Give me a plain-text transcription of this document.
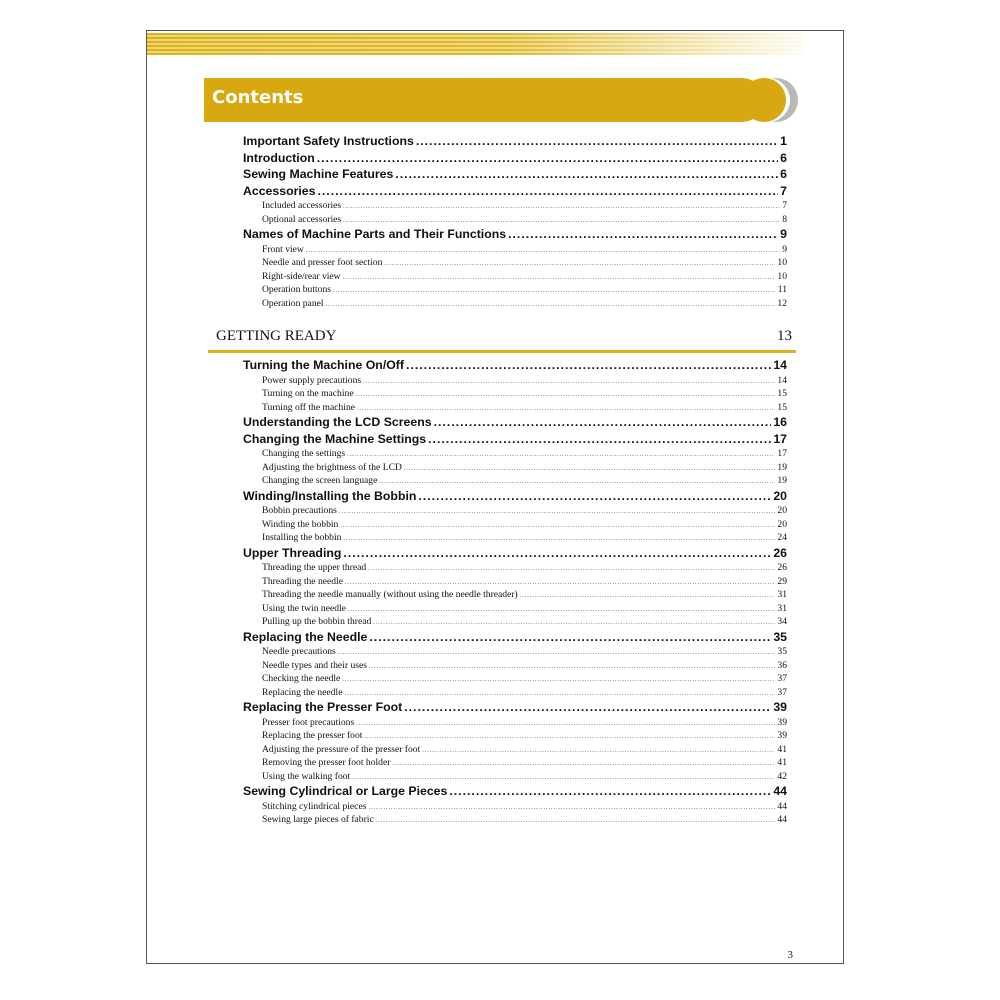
Contents
Important Safety Instructions .....	1
Introduction .....	6
Sewing Machine Features .....	6
Accessories .....	7
Included accessories .....	7
Optional accessories .....	8
Names of Machine Parts and Their Functions .....	9
Front view .....	9
Needle and presser foot section .....	10
Right-side/rear view .....	10
Operation buttons .....	11
Operation panel .....	12
GETTING READY	13
Turning the Machine On/Off .....	14
Power supply precautions .....	14
Turning on the machine .....	15
Turning off the machine .....	15
Understanding the LCD Screens .....	16
Changing the Machine Settings .....	17
Changing the settings .....	17
Adjusting the brightness of the LCD .....	19
Changing the screen language .....	19
Winding/Installing the Bobbin .....	20
Bobbin precautions .....	20
Winding the bobbin .....	20
Installing the bobbin .....	24
Upper Threading .....	26
Threading the upper thread .....	26
Threading the needle .....	29
Threading the needle manually (without using the needle threader) .....	31
Using the twin needle .....	31
Pulling up the bobbin thread .....	34
Replacing the Needle .....	35
Needle precautions .....	35
Needle types and their uses .....	36
Checking the needle .....	37
Replacing the needle .....	37
Replacing the Presser Foot .....	39
Presser foot precautions .....	39
Replacing the presser foot .....	39
Adjusting the pressure of the presser foot .....	41
Removing the presser foot holder .....	41
Using the walking foot .....	42
Sewing Cylindrical or Large Pieces .....	44
Stitching cylindrical pieces .....	44
Sewing large pieces of fabric .....	44
3
